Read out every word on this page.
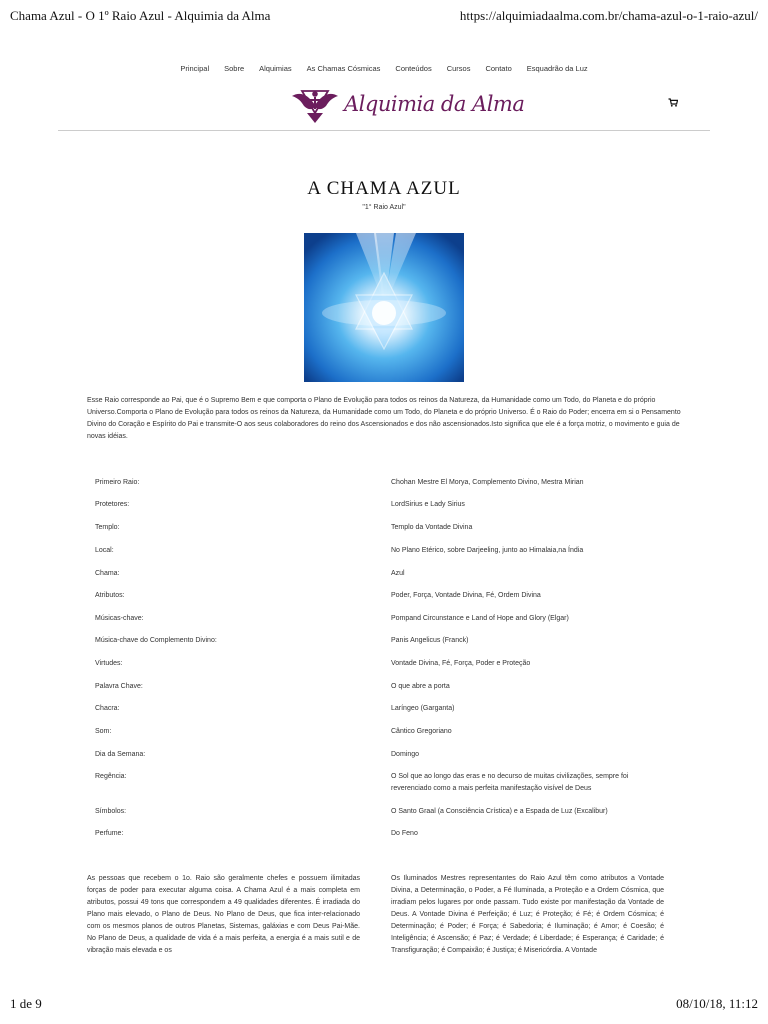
Chama Azul - O 1º Raio Azul - Alquimia da Alma	https://alquimiadaalma.com.br/chama-azul-o-1-raio-azul/
Principal Sobre Alquimias As Chamas Cósmicas Conteúdos Cursos Contato Esquadrão da Luz
Alquimia da Alma
A CHAMA AZUL
"1° Raio Azul"

Esse Raio corresponde ao Pai, que é o Supremo Bem e que comporta o Plano de Evolução para todos os reinos da Natureza, da Humanidade como um Todo, do Planeta e do próprio Universo.Comporta o Plano de Evolução para todos os reinos da Natureza, da Humanidade como um Todo, do Planeta e do próprio Universo. É o Raio do Poder; encerra em si o Pensamento Divino do Coração e Espírito do Pai e transmite-O aos seus colaboradores do reino dos Ascensionados e dos não ascensionados.Isto significa que ele é a força motriz, o movimento e guia de novas idéias.

Primeiro Raio:	Chohan Mestre El Morya, Complemento Divino, Mestra Mirian
Protetores:	LordSirius e Lady Sirius
Templo:	Templo da Vontade Divina
Local:	No Plano Etérico, sobre Darjeeling, junto ao Himalaia,na Índia
Chama:	Azul
Atributos:	Poder, Força, Vontade Divina, Fé, Ordem Divina
Músicas-chave:	Pompand Circunstance e Land of Hope and Glory (Elgar)
Música-chave do Complemento Divino:	Panis Angelicus (Franck)
Virtudes:	Vontade Divina, Fé, Força, Poder e Proteção
Palavra Chave:	O que abre a porta
Chacra:	Laríngeo (Garganta)
Som:	Cântico Gregoriano
Dia da Semana:	Domingo
Regência:	O Sol que ao longo das eras e no decurso de muitas civilizações, sempre foi reverenciado como a mais perfeita manifestação visível de Deus
Símbolos:	O Santo Graal (a Consciência Crística) e a Espada de Luz (Excalibur)
Perfume:	Do Feno

As pessoas que recebem o 1o. Raio são geralmente chefes e possuem ilimitadas forças de poder para executar alguma coisa. A Chama Azul é a mais completa em atributos, possui 49 tons que correspondem a 49 qualidades diferentes. É irradiada do Plano mais elevado, o Plano de Deus. No Plano de Deus, que fica inter-relacionado com os mesmos planos de outros Planetas, Sistemas, galáxias e com Deus Pai-Mãe. No Plano de Deus, a qualidade de vida é a mais perfeita, a energia é a mais sutil e de vibração mais elevada e os

Os Iluminados Mestres representantes do Raio Azul têm como atributos a Vontade Divina, a Determinação, o Poder, a Fé Iluminada, a Proteção e a Ordem Cósmica, que irradiam pelos lugares por onde passam. Tudo existe por manifestação da Vontade de Deus. A Vontade Divina é Perfeição; é Luz; é Proteção; é Fé; é Ordem Cósmica; é Determinação; é Poder; é Força; é Sabedoria; é Iluminação; é Amor; é Coesão; é Inteligência; é Ascensão; é Paz; é Verdade; é Liberdade; é Esperança; é Caridade; é Transfiguração; é Compaixão; é Justiça; é Misericórdia. A Vontade

1 de 9	08/10/18, 11:12
